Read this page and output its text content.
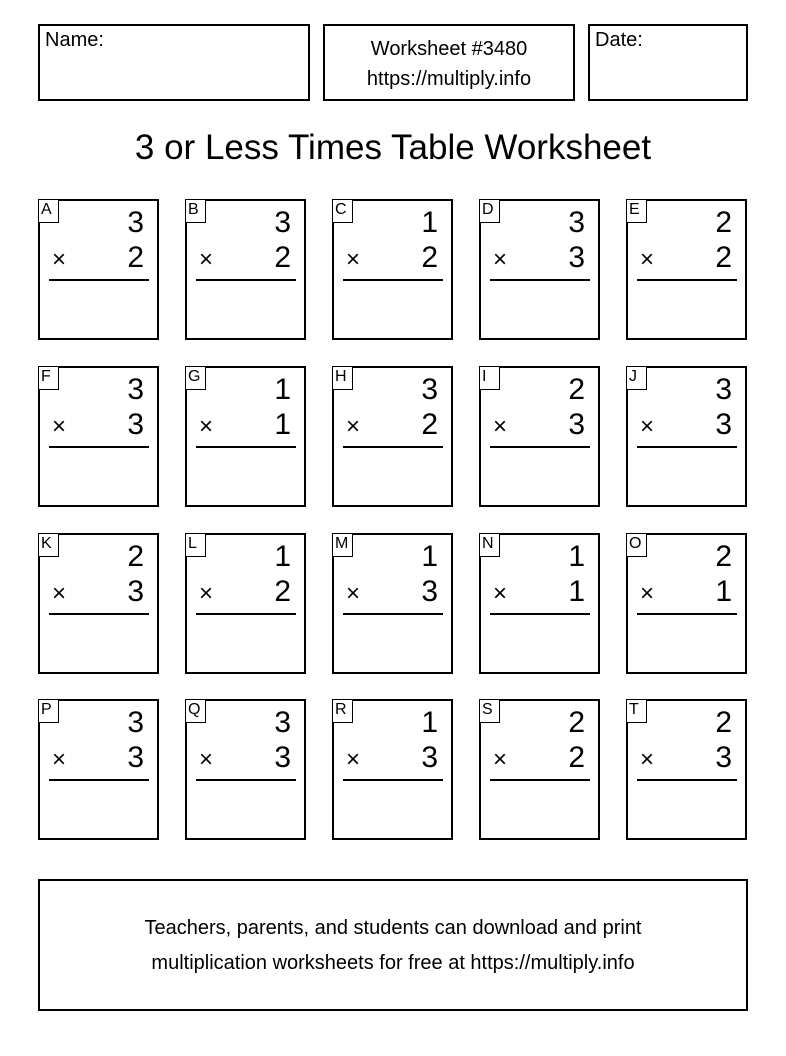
Name:	Worksheet #3480
https://multiply.info
Date:
3 or Less Times Table Worksheet
A	3
× 2
B	3
× 2
C 1
× 2
D 3
× 3
E	2
× 2
F	3
× 3
G 1
× 1
H 3
× 2
I	2
× 3
J	3
× 3
K	2
× 3
L	1
× 2
M 1
× 3
N 1
× 1
O 2
× 1
P	3
× 3
Q 3
× 3
R 1
× 3
S	2
× 2
T	2
× 3
Teachers, parents, and students can download and print
multiplication worksheets for free at https://multiply.info
